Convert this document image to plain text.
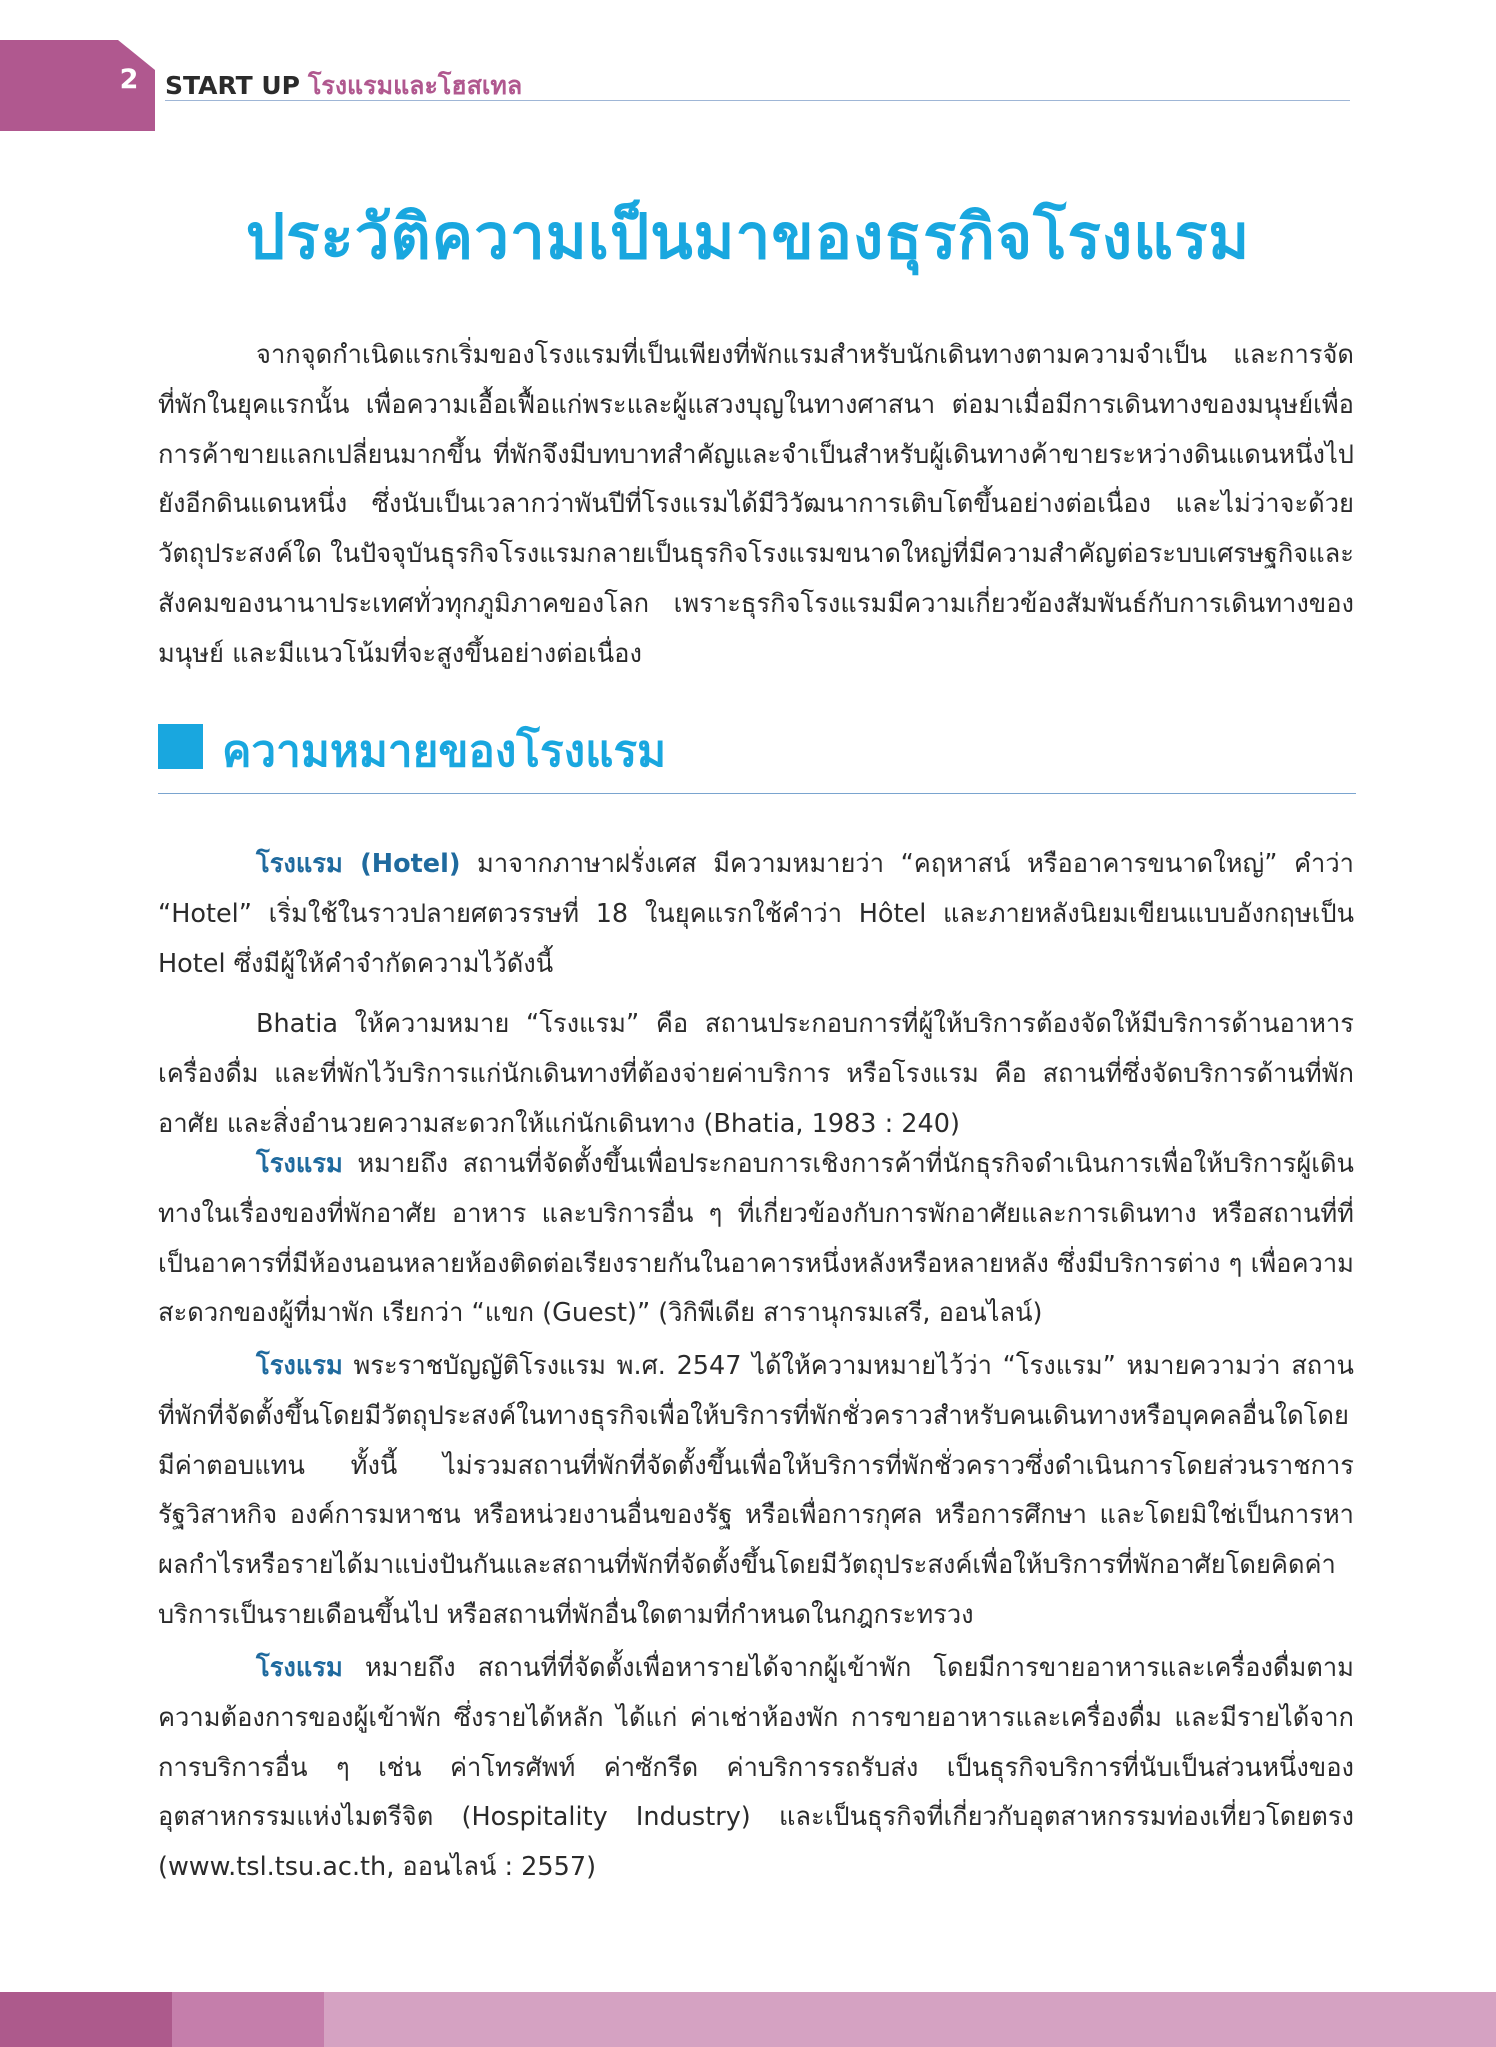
2 START UP โรงแรมและโฮสเทล
ประวัติความเป็นมาของธุรกิจโรงแรม

จากจุดกำเนิดแรกเริ่มของโรงแรมที่เป็นเพียงที่พักแรมสำหรับนักเดินทางตามความจำเป็น และการจัดที่พักในยุคแรกนั้น เพื่อความเอื้อเฟื้อแก่พระและผู้แสวงบุญในทางศาสนา ต่อมาเมื่อมีการเดินทางของมนุษย์เพื่อการค้าขายแลกเปลี่ยนมากขึ้น ที่พักจึงมีบทบาทสำคัญและจำเป็นสำหรับผู้เดินทางค้าขายระหว่างดินแดนหนึ่งไปยังอีกดินแดนหนึ่ง ซึ่งนับเป็นเวลากว่าพันปีที่โรงแรมได้มีวิวัฒนาการเติบโตขึ้นอย่างต่อเนื่อง และไม่ว่าจะด้วยวัตถุประสงค์ใด ในปัจจุบันธุรกิจโรงแรมกลายเป็นธุรกิจโรงแรมขนาดใหญ่ที่มีความสำคัญต่อระบบเศรษฐกิจและสังคมของนานาประเทศทั่วทุกภูมิภาคของโลก เพราะธุรกิจโรงแรมมีความเกี่ยวข้องสัมพันธ์กับการเดินทางของมนุษย์ และมีแนวโน้มที่จะสูงขึ้นอย่างต่อเนื่อง

ความหมายของโรงแรม

โรงแรม (Hotel) มาจากภาษาฝรั่งเศส มีความหมายว่า “คฤหาสน์ หรืออาคารขนาดใหญ่” คำว่า “Hotel” เริ่มใช้ในราวปลายศตวรรษที่ 18 ในยุคแรกใช้คำว่า Hôtel และภายหลังนิยมเขียนแบบอังกฤษเป็น Hotel ซึ่งมีผู้ให้คำจำกัดความไว้ดังนี้

Bhatia ให้ความหมาย “โรงแรม” คือ สถานประกอบการที่ผู้ให้บริการต้องจัดให้มีบริการด้านอาหาร เครื่องดื่ม และที่พักไว้บริการแก่นักเดินทางที่ต้องจ่ายค่าบริการ หรือโรงแรม คือ สถานที่ซึ่งจัดบริการด้านที่พักอาศัย และสิ่งอำนวยความสะดวกให้แก่นักเดินทาง (Bhatia, 1983 : 240)

โรงแรม หมายถึง สถานที่จัดตั้งขึ้นเพื่อประกอบการเชิงการค้าที่นักธุรกิจดำเนินการเพื่อให้บริการผู้เดินทางในเรื่องของที่พักอาศัย อาหาร และบริการอื่น ๆ ที่เกี่ยวข้องกับการพักอาศัยและการเดินทาง หรือสถานที่ที่เป็นอาคารที่มีห้องนอนหลายห้องติดต่อเรียงรายกันในอาคารหนึ่งหลังหรือหลายหลัง ซึ่งมีบริการต่าง ๆ เพื่อความสะดวกของผู้ที่มาพัก เรียกว่า “แขก (Guest)” (วิกิพีเดีย สารานุกรมเสรี, ออนไลน์)

โรงแรม พระราชบัญญัติโรงแรม พ.ศ. 2547 ได้ให้ความหมายไว้ว่า “โรงแรม” หมายความว่า สถานที่พักที่จัดตั้งขึ้นโดยมีวัตถุประสงค์ในทางธุรกิจเพื่อให้บริการที่พักชั่วคราวสำหรับคนเดินทางหรือบุคคลอื่นใดโดยมีค่าตอบแทน ทั้งนี้ ไม่รวมสถานที่พักที่จัดตั้งขึ้นเพื่อให้บริการที่พักชั่วคราวซึ่งดำเนินการโดยส่วนราชการ รัฐวิสาหกิจ องค์การมหาชน หรือหน่วยงานอื่นของรัฐ หรือเพื่อการกุศล หรือการศึกษา และโดยมิใช่เป็นการหาผลกำไรหรือรายได้มาแบ่งปันกันและสถานที่พักที่จัดตั้งขึ้นโดยมีวัตถุประสงค์เพื่อให้บริการที่พักอาศัยโดยคิดค่าบริการเป็นรายเดือนขึ้นไป หรือสถานที่พักอื่นใดตามที่กำหนดในกฎกระทรวง

โรงแรม หมายถึง สถานที่ที่จัดตั้งเพื่อหารายได้จากผู้เข้าพัก โดยมีการขายอาหารและเครื่องดื่มตามความต้องการของผู้เข้าพัก ซึ่งรายได้หลัก ได้แก่ ค่าเช่าห้องพัก การขายอาหารและเครื่องดื่ม และมีรายได้จากการบริการอื่น ๆ เช่น ค่าโทรศัพท์ ค่าซักรีด ค่าบริการรถรับส่ง เป็นธุรกิจบริการที่นับเป็นส่วนหนึ่งของอุตสาหกรรมแห่งไมตรีจิต (Hospitality Industry) และเป็นธุรกิจที่เกี่ยวกับอุตสาหกรรมท่องเที่ยวโดยตรง (www.tsl.tsu.ac.th, ออนไลน์ : 2557)
